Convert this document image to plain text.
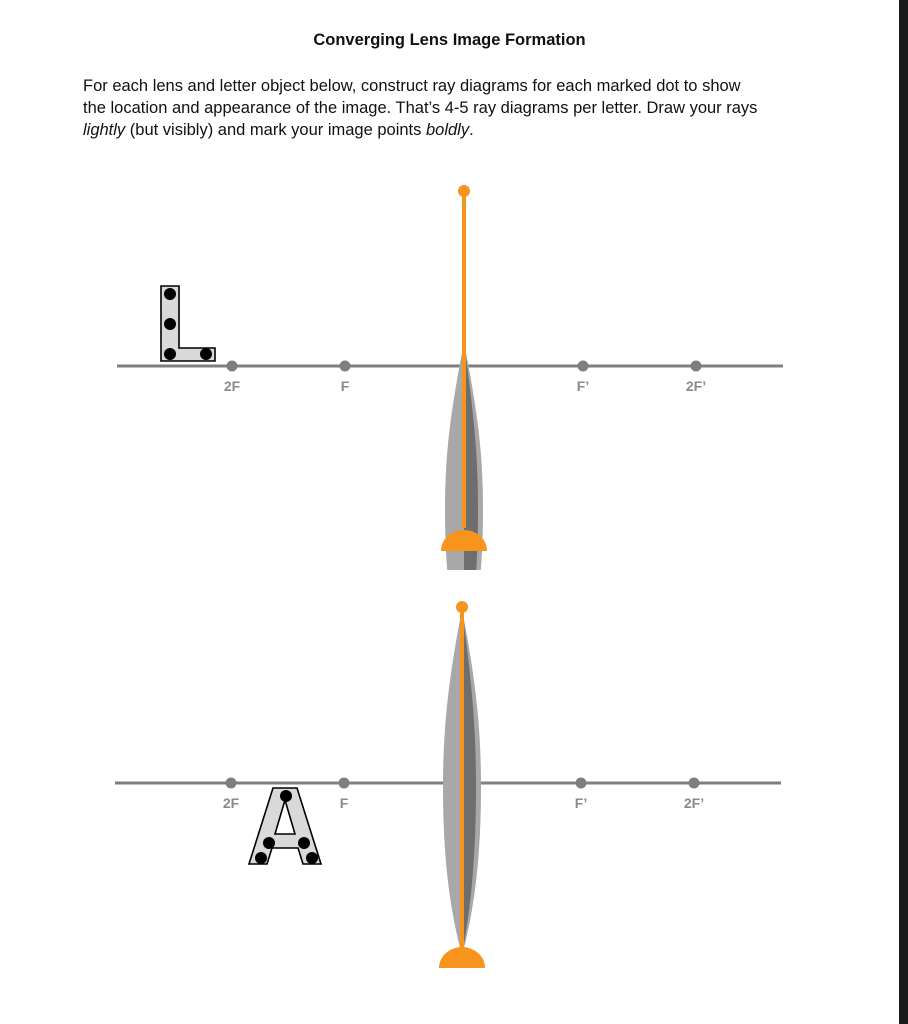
Converging Lens Image Formation

For each lens and letter object below, construct ray diagrams for each marked dot to show

the location and appearance of the image. That’s 4-5 ray diagrams per letter. Draw your rays

lightly (but visibly) and mark your image points boldly.

2F	F	F’	2F’
2F	F	F’	2F’
